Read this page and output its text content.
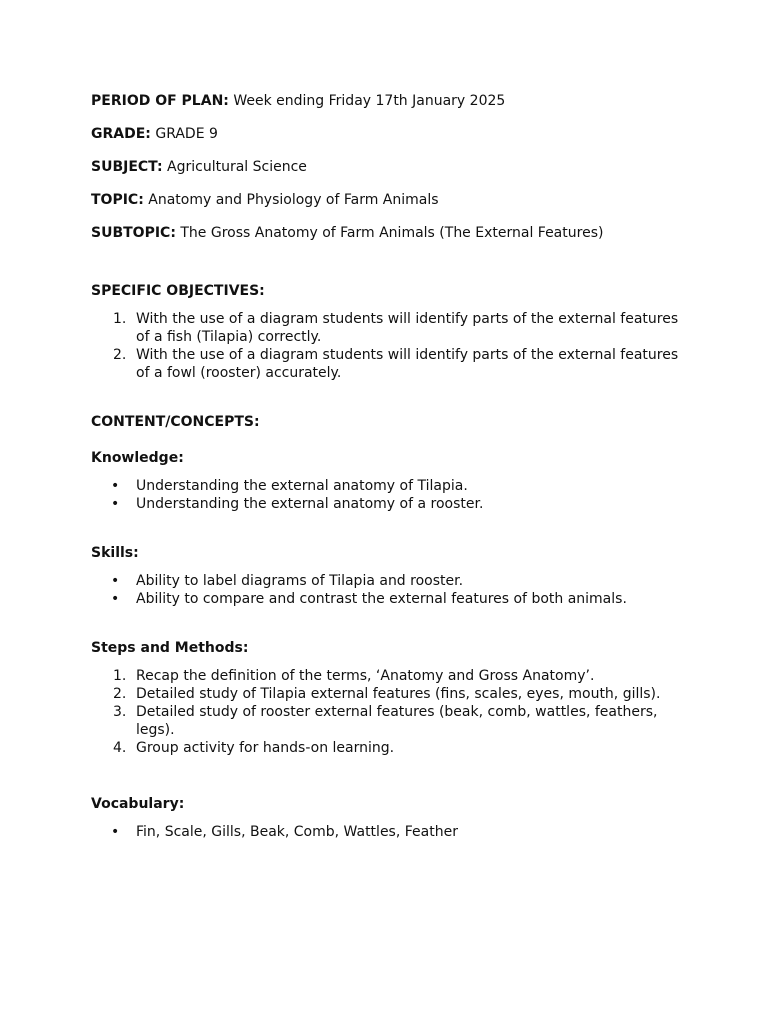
PERIOD OF PLAN: Week ending Friday 17th January 2025

GRADE: GRADE 9

SUBJECT: Agricultural Science

TOPIC: Anatomy and Physiology of Farm Animals

SUBTOPIC: The Gross Anatomy of Farm Animals (The External Features)

SPECIFIC OBJECTIVES:

1. With the use of a diagram students will identify parts of the external features of a fish (Tilapia) correctly.
2. With the use of a diagram students will identify parts of the external features of a fowl (rooster) accurately.

CONTENT/CONCEPTS:

Knowledge:

• Understanding the external anatomy of Tilapia.
• Understanding the external anatomy of a rooster.

Skills:

• Ability to label diagrams of Tilapia and rooster.
• Ability to compare and contrast the external features of both animals.

Steps and Methods:

1. Recap the definition of the terms, ‘Anatomy and Gross Anatomy’.
2. Detailed study of Tilapia external features (fins, scales, eyes, mouth, gills).
3. Detailed study of rooster external features (beak, comb, wattles, feathers, legs).
4. Group activity for hands-on learning.

Vocabulary:

• Fin, Scale, Gills, Beak, Comb, Wattles, Feather
